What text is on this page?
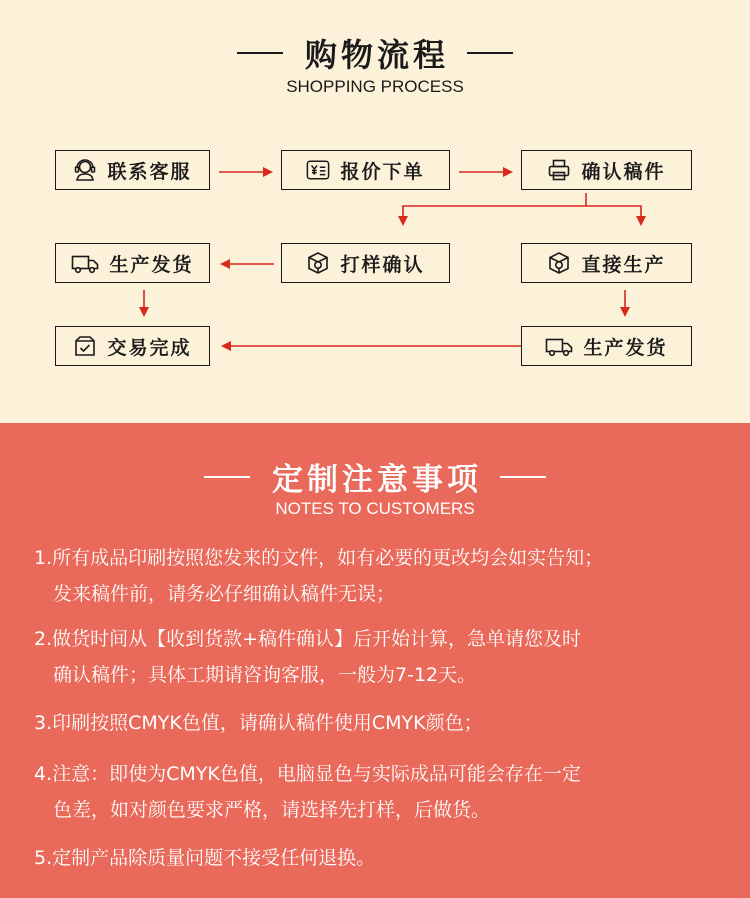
购物流程
SHOPPING PROCESS
联系客服	报价下单	确认稿件
生产发货	打样确认	直接生产
交易完成	生产发货
定制注意事项
NOTES TO CUSTOMERS
1.所有成品印刷按照您发来的文件，如有必要的更改均会如实告知；
发来稿件前，请务必仔细确认稿件无误；
2.做货时间从【收到货款+稿件确认】后开始计算，急单请您及时
确认稿件；具体工期请咨询客服，一般为7-12天。
3.印刷按照CMYK色值，请确认稿件使用CMYK颜色；
4.注意：即使为CMYK色值，电脑显色与实际成品可能会存在一定
色差，如对颜色要求严格，请选择先打样，后做货。
5.定制产品除质量问题不接受任何退换。
